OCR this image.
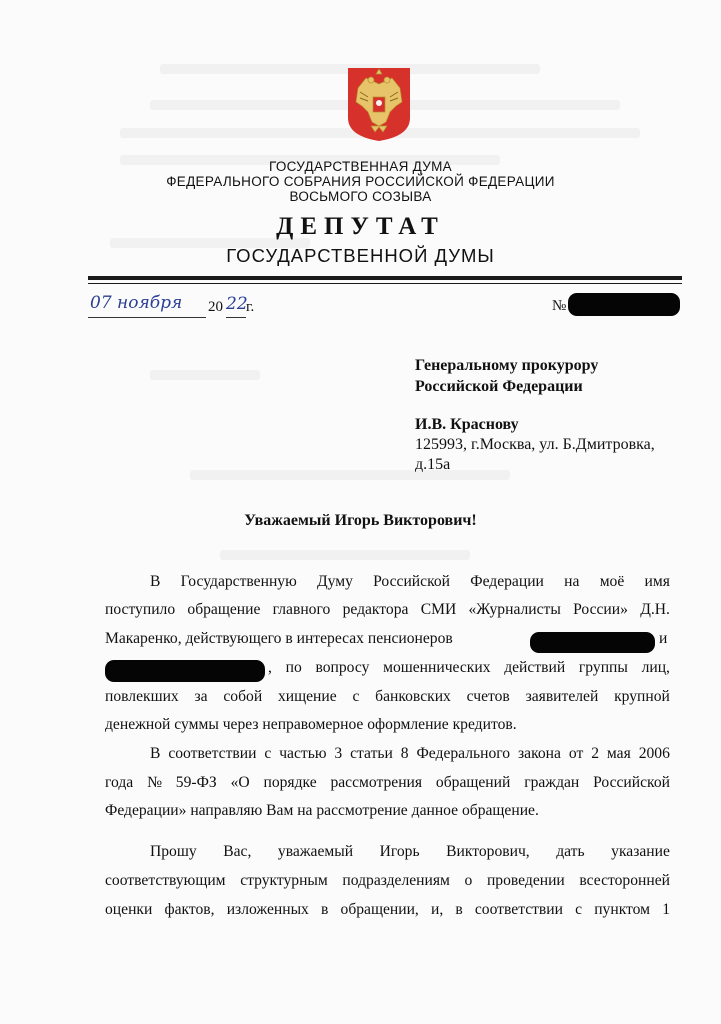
ГОСУДАРСТВЕННАЯ ДУМА
ФЕДЕРАЛЬНОГО СОБРАНИЯ РОССИЙСКОЙ ФЕДЕРАЦИИ
ВОСЬМОГО СОЗЫВА
ДЕПУТАТ
ГОСУДАРСТВЕННОЙ ДУМЫ
07 ноября 20 22
г.	№
Генеральному прокурору
Российской Федерации
И.В. Краснову
125993, г.Москва, ул. Б.Дмитровка,
д.15а
Уважаемый Игорь Викторович!
В Государственную Думу Российской Федерации на моё имя
поступило обращение главного редактора СМИ «Журналисты России» Д.Н.
Макаренко, действующего в интересах пенсионеров	и
, по вопросу мошеннических действий группы лиц,
повлекших за собой хищение с банковских счетов заявителей крупной
денежной суммы через неправомерное оформление кредитов.
В соответствии с частью 3 статьи 8 Федерального закона от 2 мая 2006
года № 59-ФЗ «О порядке рассмотрения обращений граждан Российской
Федерации» направляю Вам на рассмотрение данное обращение.
Прошу Вас, уважаемый Игорь Викторович, дать указание
соответствующим структурным подразделениям о проведении всесторонней
оценки фактов, изложенных в обращении, и, в соответствии с пунктом 1
